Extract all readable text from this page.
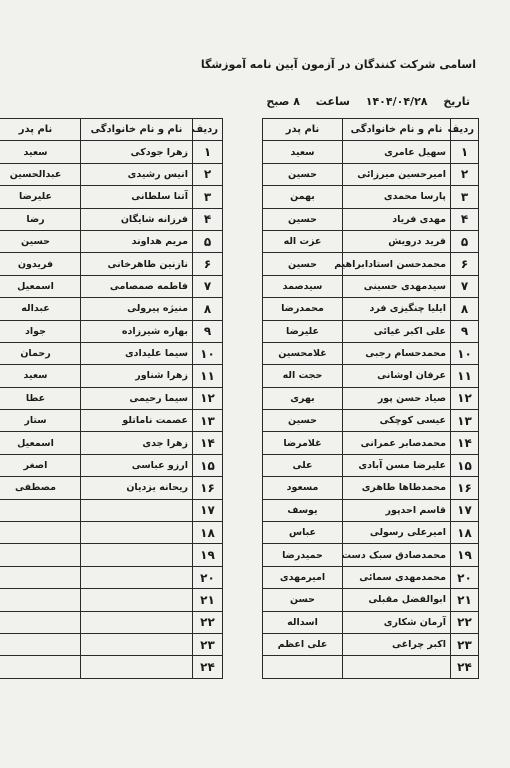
اسامی شرکت کنندگان در آزمون آیین نامه آموزشگا
تاریخ ۱۴۰۴/۰۴/۲۸ ساعت ۸ صبح
ردیف	نام و نام خانوادگی	نام پدر
۱	سهیل عامری	سعید
۲	امیرحسین میرزائی	حسین
۳	پارسا محمدی	بهمن
۴	مهدی فریاد	حسین
۵	فرید درویش	عزت اله
۶	محمدحسن استادابراهیم	حسین
۷	سیدمهدی حسینی	سیدصمد
۸	ایلیا چنگیزی فرد	محمدرضا
۹	علی اکبر غیائی	علیرضا
۱۰	محمدحسام رجبی	غلامحسین
۱۱	عرفان اوشانی	حجت اله
۱۲	صیاد حسن پور	بهری
۱۳	عیسی کوچکی	حسین
۱۴	محمدصابر عمرانی	غلامرضا
۱۵	علیرضا مسن آبادی	علی
۱۶	محمدطاها طاهری	مسعود
۱۷	قاسم احدپور	یوسف
۱۸	امیرعلی رسولی	عباس
۱۹	محمدصادق سبک دست	حمیدرضا
۲۰	محمدمهدی سمائی	امیرمهدی
۲۱	ابوالفضل مقبلی	حسن
۲۲	آرمان شکاری	اسداله
۲۳	اکبر چراغی	علی اعظم
۲۴		
ردیف	نام و نام خانوادگی	نام پدر
۱	زهرا جودکی	سعید
۲	انیس رشیدی	عبدالحسین
۳	آتنا سلطانی	علیرضا
۴	فرزانه شایگان	رضا
۵	مریم هداوند	حسین
۶	نازنین طاهرخانی	فریدون
۷	فاطمه صمصامی	اسمعیل
۸	منیژه پیرولی	عبداله
۹	بهاره شیرزاده	جواد
۱۰	سیما علیدادی	رحمان
۱۱	زهرا شناور	سعید
۱۲	سیما رحیمی	عطا
۱۳	عصمت ناماتلو	ستار
۱۴	زهرا جدی	اسمعیل
۱۵	ارزو عباسی	اصغر
۱۶	ریحانه یزدیان	مصطفی
۱۷		
۱۸		
۱۹		
۲۰		
۲۱		
۲۲		
۲۳		
۲۴		
